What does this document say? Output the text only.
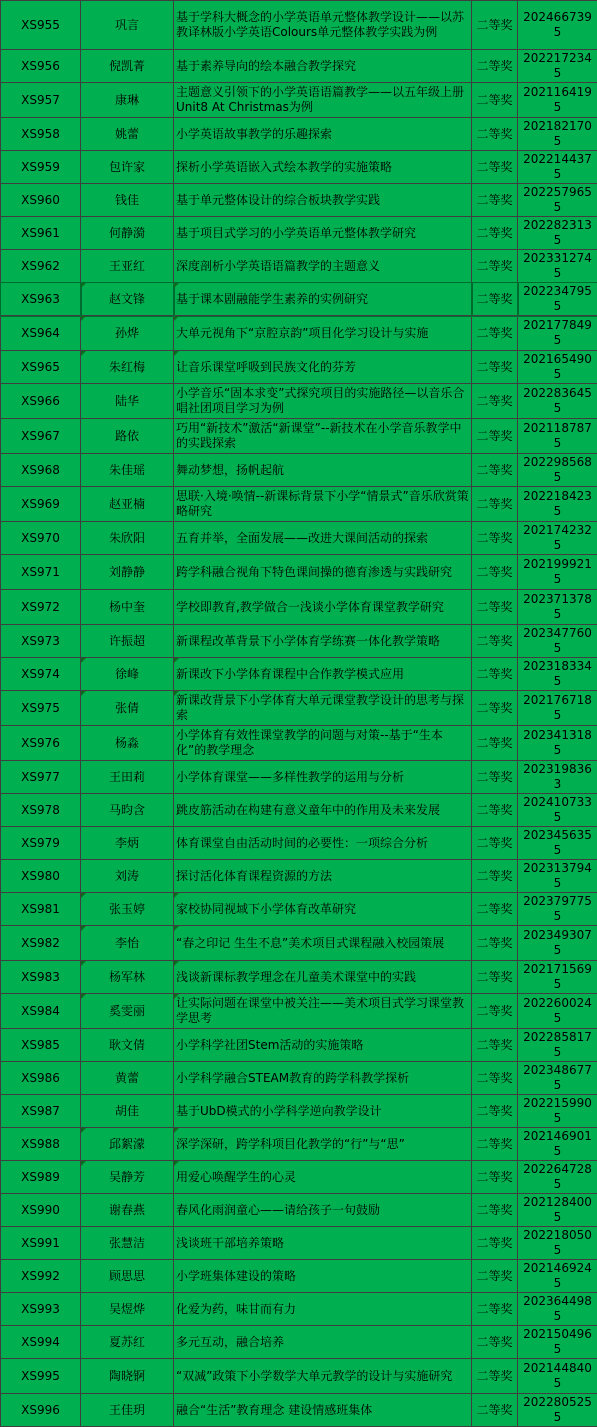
XS955	巩言	基于学科大概念的小学英语单元整体教学设计——以苏教译林版小学英语Colours单元整体教学实践为例	二等奖	2024667395
XS956	倪凯菁	基于素养导向的绘本融合教学探究	二等奖	2022172345
XS957	康琳	主题意义引领下的小学英语语篇教学——以五年级上册Unit8 At Christmas为例	二等奖	2021164195
XS958	姚蕾	小学英语故事教学的乐趣探索	二等奖	2021821705
XS959	包许家	探析小学英语嵌入式绘本教学的实施策略	二等奖	2022144375
XS960	钱佳	基于单元整体设计的综合板块教学实践	二等奖	2022579655
XS961	何静漪	基于项目式学习的小学英语单元整体教学研究	二等奖	2022823135
XS962	王亚红	深度剖析小学英语语篇教学的主题意义	二等奖	2023312745
XS963	赵文锋	基于课本剧融能学生素养的实例研究	二等奖	2022347955
XS964	孙烨	大单元视角下“京腔京韵”项目化学习设计与实施	二等奖	2021778495
XS965	朱红梅	让音乐课堂呼吸到民族文化的芬芳	二等奖	2021654905
XS966	陆华	小学音乐“固本求变”式探究项目的实施路径—以音乐合唱社团项目学习为例	二等奖	2022836455
XS967	路依	巧用“新技术”激活“新课堂”--新技术在小学音乐教学中的实践探索	二等奖	2021187875
XS968	朱佳瑶	舞动梦想，扬帆起航	二等奖	2022985685
XS969	赵亚楠	思联·入境·唤情--新课标背景下小学“情景式”音乐欣赏策略研究	二等奖	2022184235
XS970	朱欣阳	五育并举，全面发展——改进大课间活动的探索	二等奖	2021742325
XS971	刘静静	跨学科融合视角下特色课间操的德育渗透与实践研究	二等奖	2021999215
XS972	杨中奎	学校即教育,教学做合一浅谈小学体育课堂教学研究	二等奖	2023713785
XS973	许振超	新课程改革背景下小学体育学练赛一体化教学策略	二等奖	2023477605
XS974	徐峰	新课改下小学体育课程中合作教学模式应用	二等奖	2023183345
XS975	张倩	新课改背景下小学体育大单元课堂教学设计的思考与探索	二等奖	2021767185
XS976	杨淼	小学体育有效性课堂教学的问题与对策--基于“生本化”的教学理念	二等奖	2023413185
XS977	王田莉	小学体育课堂——多样性教学的运用与分析	二等奖	2023198363
XS978	马昀含	跳皮筋活动在构建有意义童年中的作用及未来发展	二等奖	2024107335
XS979	李炳	体育课堂自由活动时间的必要性：一项综合分析	二等奖	2023456355
XS980	刘涛	探讨活化体育课程资源的方法	二等奖	2023137945
XS981	张玉婷	家校协同视域下小学体育改革研究	二等奖	2023797755
XS982	李怡	“春之印记 生生不息”美术项目式课程融入校园策展	二等奖	2023493075
XS983	杨军林	浅谈新课标教学理念在儿童美术课堂中的实践	二等奖	2021715695
XS984	奚雯丽	让实际问题在课堂中被关注——美术项目式学习课堂教学思考	二等奖	2022600245
XS985	耿文倩	小学科学社团Stem活动的实施策略	二等奖	2022858175
XS986	黄蕾	小学科学融合STEAM教育的跨学科教学探析	二等奖	2023486775
XS987	胡佳	基于UbD模式的小学科学逆向教学设计	二等奖	2022159905
XS988	邱絮濛	深学深研，跨学科项目化教学的“行”与“思”	二等奖	2021469015
XS989	吴静芳	用爱心唤醒学生的心灵	二等奖	2022647285
XS990	谢春燕	春风化雨润童心——请给孩子一句鼓励	二等奖	2021284005
XS991	张慧洁	浅谈班干部培养策略	二等奖	2022180505
XS992	顾思思	小学班集体建设的策略	二等奖	2021469245
XS993	吴煜烨	化爱为药，味甘而有力	二等奖	2023644985
XS994	夏苏红	多元互动，融合培养	二等奖	2021504965
XS995	陶晓锕	“双减”政策下小学数学大单元教学的设计与实施研究	二等奖	2021448405
XS996	王佳玥	融合“生活”教育理念 建设情感班集体	二等奖	2022805255
